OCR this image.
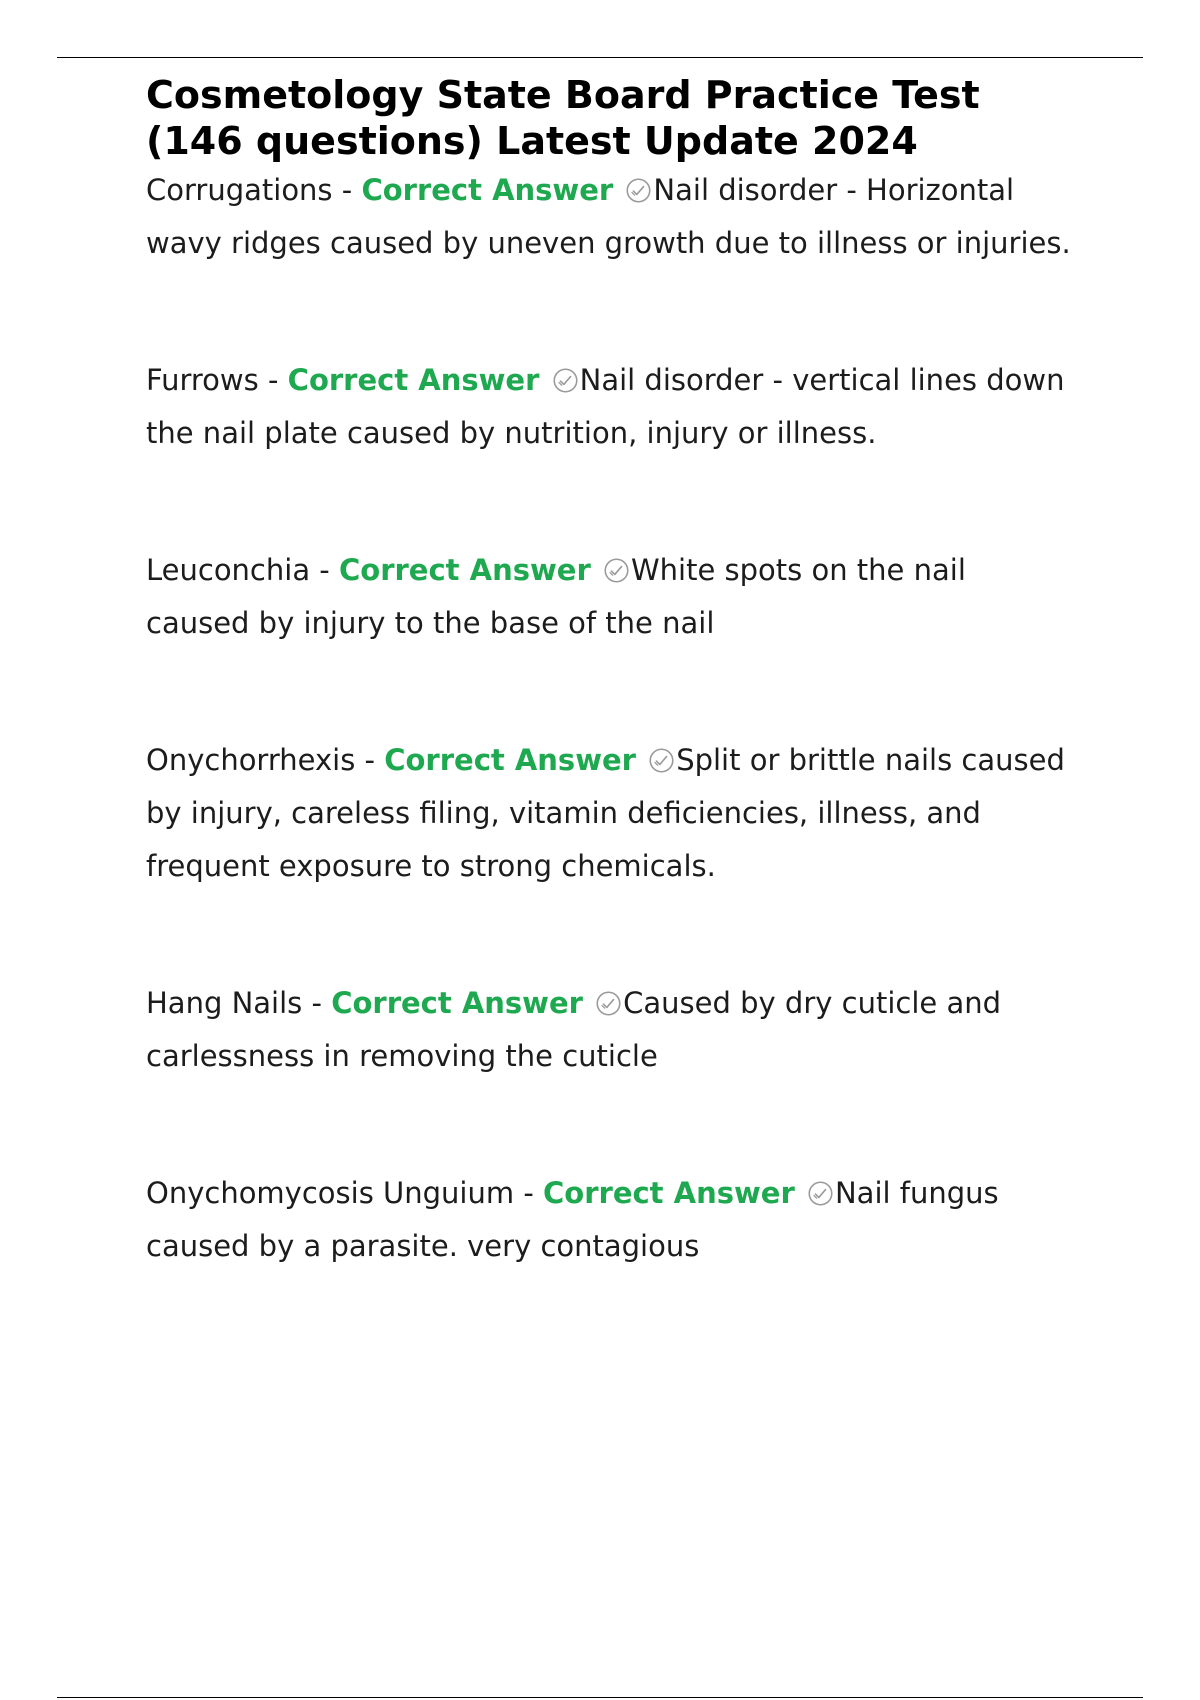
Cosmetology State Board Practice Test (146 questions) Latest Update 2024

Corrugations - Correct Answer Nail disorder - Horizontal wavy ridges caused by uneven growth due to illness or injuries.

Furrows - Correct Answer Nail disorder - vertical lines down the nail plate caused by nutrition, injury or illness.

Leuconchia - Correct Answer White spots on the nail caused by injury to the base of the nail

Onychorrhexis - Correct Answer Split or brittle nails caused by injury, careless filing, vitamin deficiencies, illness, and frequent exposure to strong chemicals.

Hang Nails - Correct Answer Caused by dry cuticle and carlessness in removing the cuticle

Onychomycosis Unguium - Correct Answer Nail fungus caused by a parasite. very contagious
